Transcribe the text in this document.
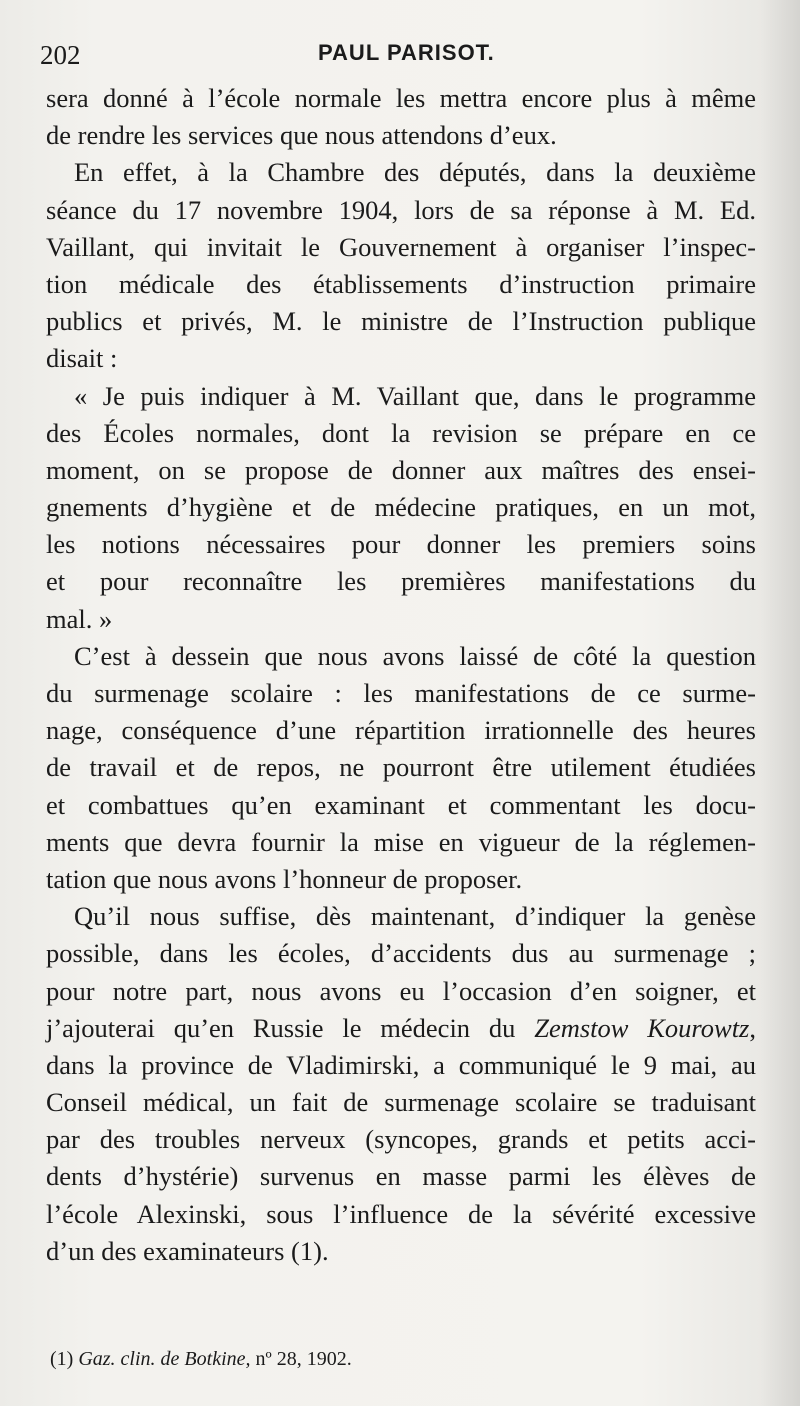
202	PAUL PARISOT.
sera donné à l’école normale les mettra encore plus à même
de rendre les services que nous attendons d’eux.
En effet, à la Chambre des députés, dans la deuxième
séance du 17 novembre 1904, lors de sa réponse à M. Ed.
Vaillant, qui invitait le Gouvernement à organiser l’inspec-
tion médicale des établissements d’instruction primaire
publics et privés, M. le ministre de l’Instruction publique
disait :
« Je puis indiquer à M. Vaillant que, dans le programme
des Écoles normales, dont la revision se prépare en ce
moment, on se propose de donner aux maîtres des ensei-
gnements d’hygiène et de médecine pratiques, en un mot,
les notions nécessaires pour donner les premiers soins
et pour reconnaître les premières manifestations du
mal. »
C’est à dessein que nous avons laissé de côté la question
du surmenage scolaire : les manifestations de ce surme-
nage, conséquence d’une répartition irrationnelle des heures
de travail et de repos, ne pourront être utilement étudiées
et combattues qu’en examinant et commentant les docu-
ments que devra fournir la mise en vigueur de la réglemen-
tation que nous avons l’honneur de proposer.
Qu’il nous suffise, dès maintenant, d’indiquer la genèse
possible, dans les écoles, d’accidents dus au surmenage ;
pour notre part, nous avons eu l’occasion d’en soigner, et
j’ajouterai qu’en Russie le médecin du Zemstow Kourowtz,
dans la province de Vladimirski, a communiqué le 9 mai, au
Conseil médical, un fait de surmenage scolaire se traduisant
par des troubles nerveux (syncopes, grands et petits acci-
dents d’hystérie) survenus en masse parmi les élèves de
l’école Alexinski, sous l’influence de la sévérité excessive
d’un des examinateurs (1).
(1) Gaz. clin. de Botkine, nº 28, 1902.
